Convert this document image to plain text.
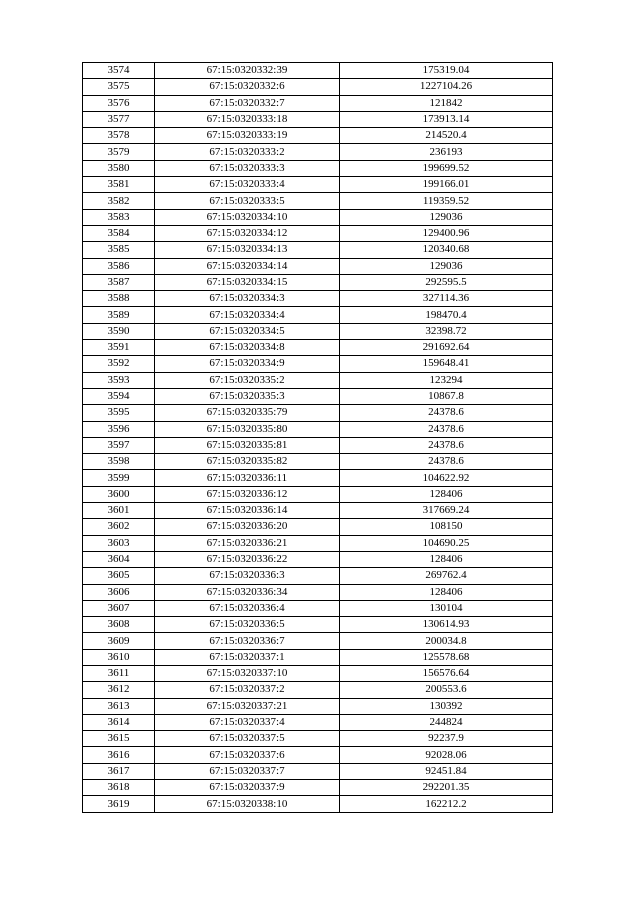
3574	67:15:0320332:39	175319.04
3575	67:15:0320332:6	1227104.26
3576	67:15:0320332:7	121842
3577	67:15:0320333:18	173913.14
3578	67:15:0320333:19	214520.4
3579	67:15:0320333:2	236193
3580	67:15:0320333:3	199699.52
3581	67:15:0320333:4	199166.01
3582	67:15:0320333:5	119359.52
3583	67:15:0320334:10	129036
3584	67:15:0320334:12	129400.96
3585	67:15:0320334:13	120340.68
3586	67:15:0320334:14	129036
3587	67:15:0320334:15	292595.5
3588	67:15:0320334:3	327114.36
3589	67:15:0320334:4	198470.4
3590	67:15:0320334:5	32398.72
3591	67:15:0320334:8	291692.64
3592	67:15:0320334:9	159648.41
3593	67:15:0320335:2	123294
3594	67:15:0320335:3	10867.8
3595	67:15:0320335:79	24378.6
3596	67:15:0320335:80	24378.6
3597	67:15:0320335:81	24378.6
3598	67:15:0320335:82	24378.6
3599	67:15:0320336:11	104622.92
3600	67:15:0320336:12	128406
3601	67:15:0320336:14	317669.24
3602	67:15:0320336:20	108150
3603	67:15:0320336:21	104690.25
3604	67:15:0320336:22	128406
3605	67:15:0320336:3	269762.4
3606	67:15:0320336:34	128406
3607	67:15:0320336:4	130104
3608	67:15:0320336:5	130614.93
3609	67:15:0320336:7	200034.8
3610	67:15:0320337:1	125578.68
3611	67:15:0320337:10	156576.64
3612	67:15:0320337:2	200553.6
3613	67:15:0320337:21	130392
3614	67:15:0320337:4	244824
3615	67:15:0320337:5	92237.9
3616	67:15:0320337:6	92028.06
3617	67:15:0320337:7	92451.84
3618	67:15:0320337:9	292201.35
3619	67:15:0320338:10	162212.2
